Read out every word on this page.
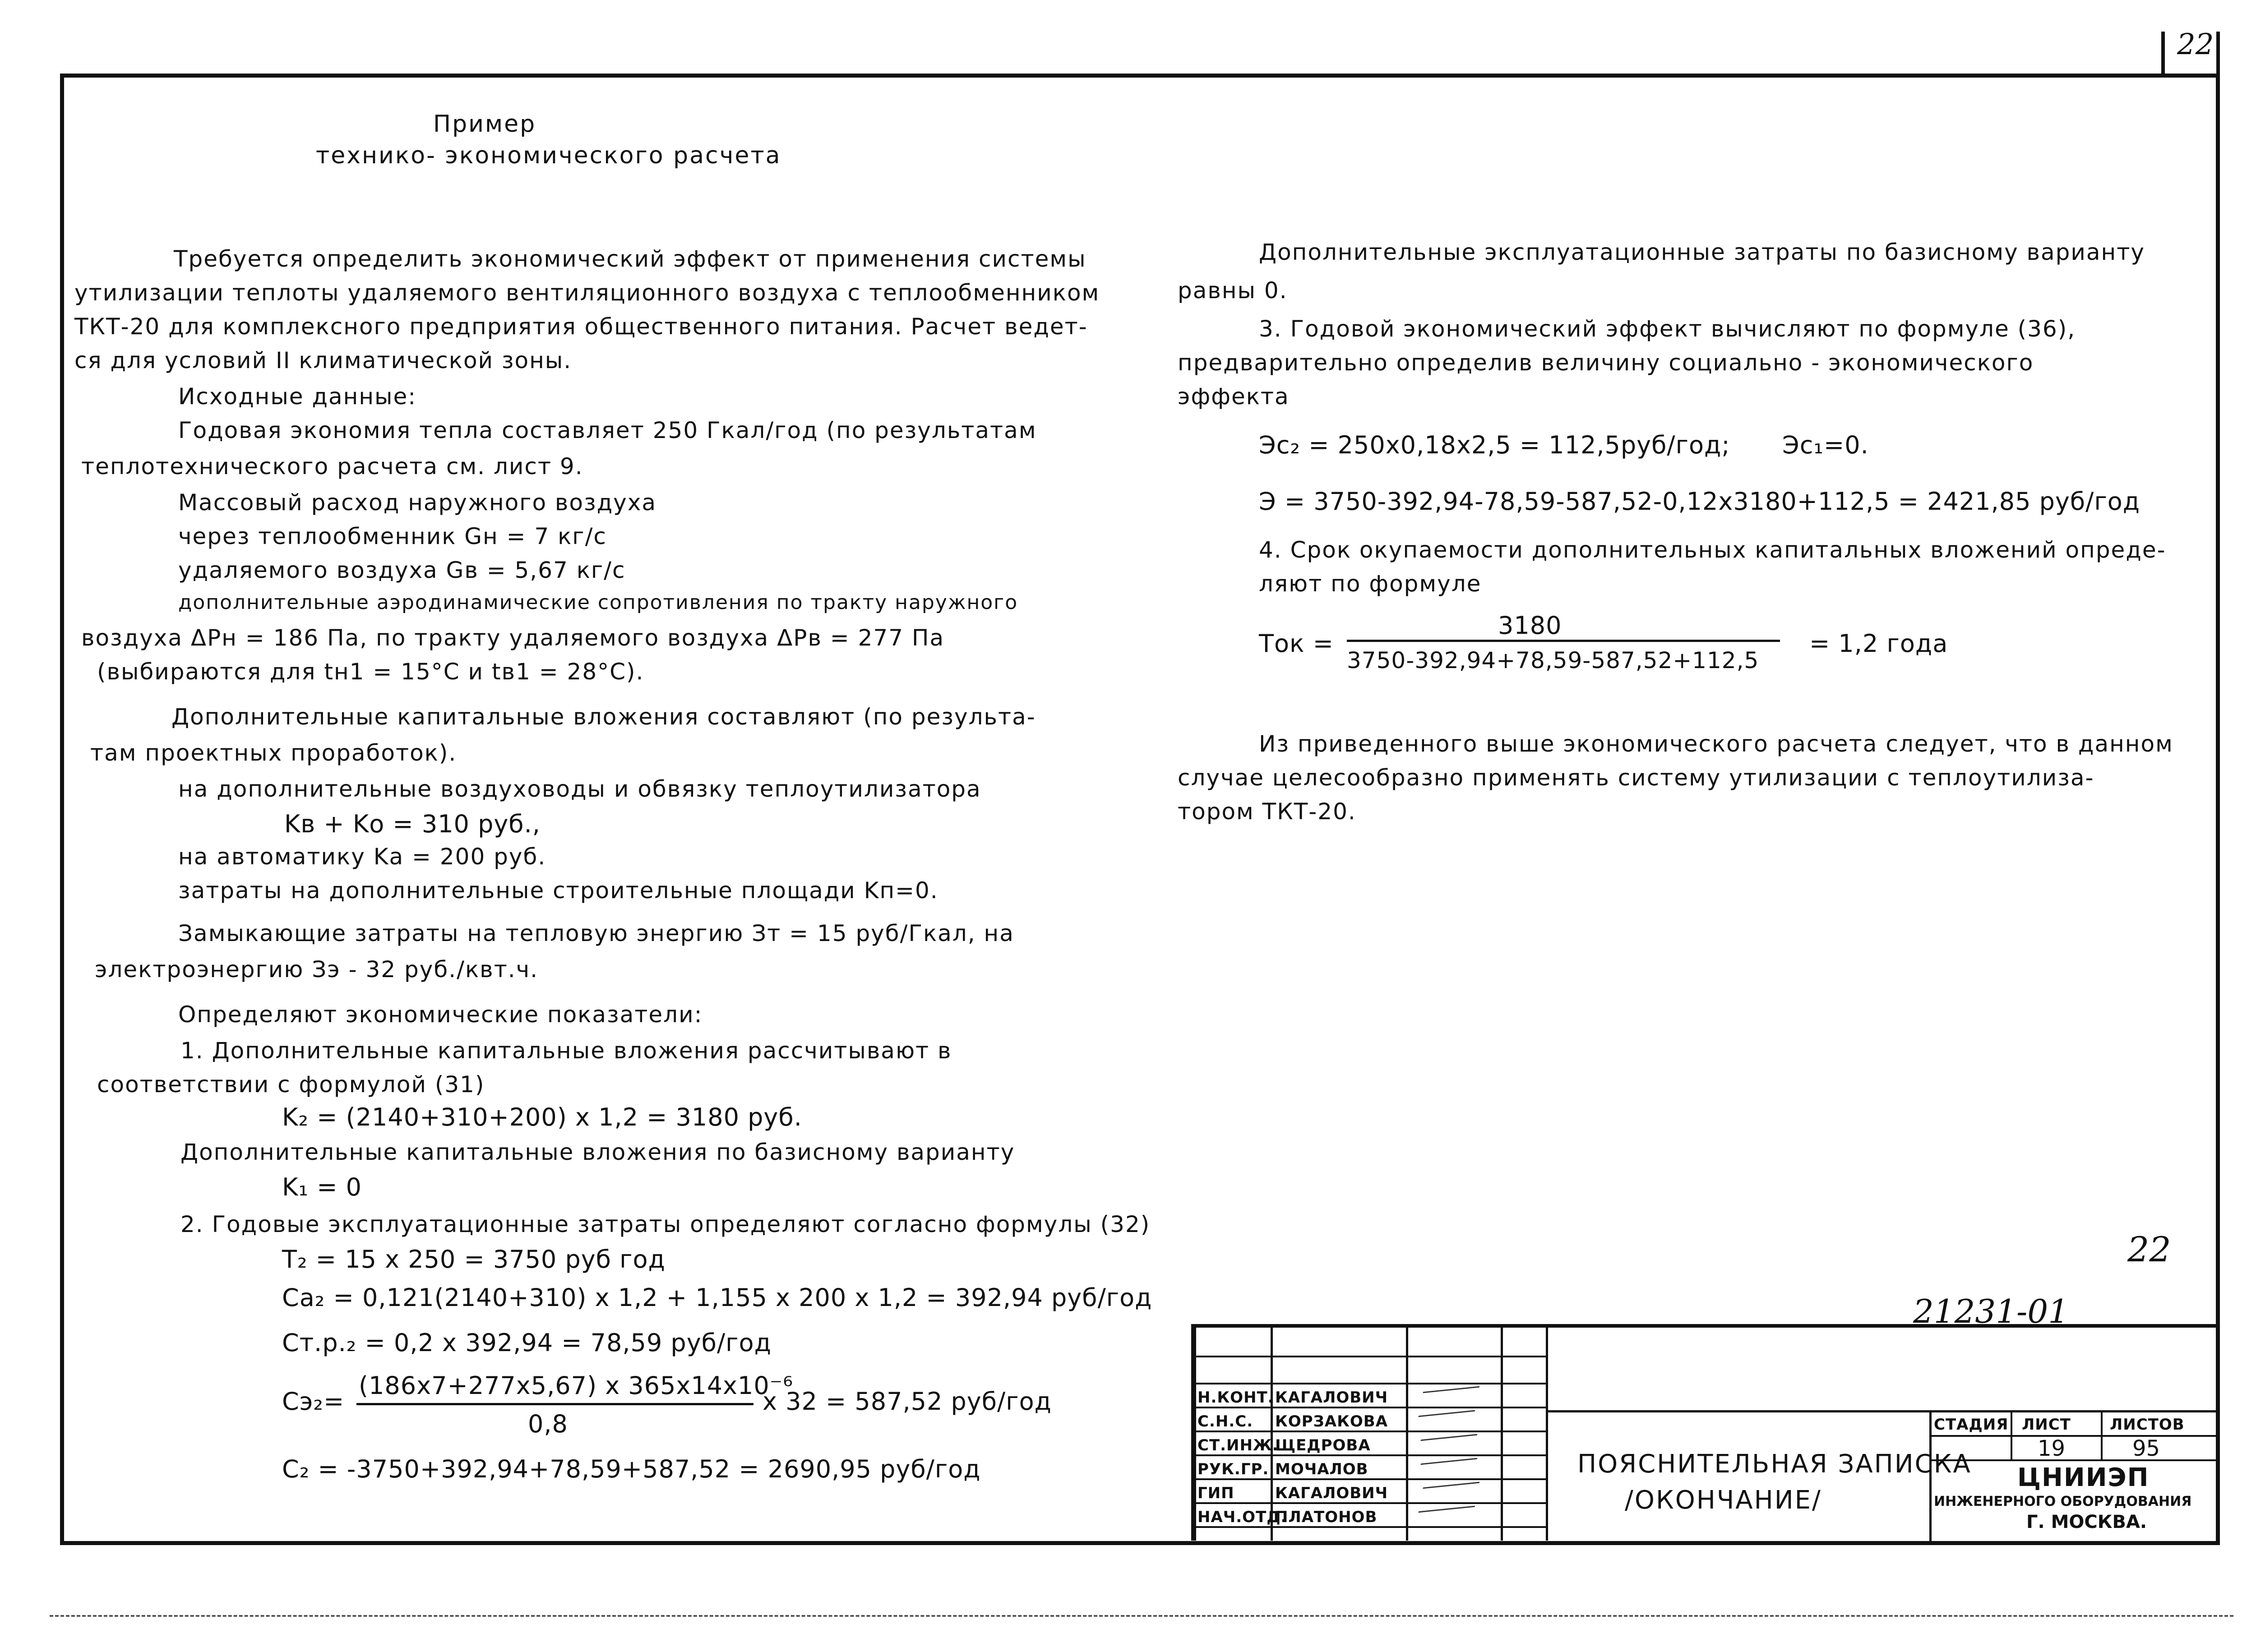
22
Пример
технико- экономического расчета
Требуется определить экономический эффект от применения системы
утилизации теплоты удаляемого вентиляционного воздуха с теплообменником
ТКТ-20 для комплексного предприятия общественного питания. Расчет ведет-
ся для условий II климатической зоны.
Исходные данные:
Годовая экономия тепла составляет 250 Гкал/год (по результатам
теплотехнического расчета см. лист 9.
Массовый расход наружного воздуха
через теплообменник Gн = 7 кг/с
удаляемого воздуха Gв = 5,67 кг/с
дополнительные аэродинамические сопротивления по тракту наружного
воздуха ΔPн = 186 Па, по тракту удаляемого воздуха ΔPв = 277 Па
(выбираются для tн1 = 15°С и tв1 = 28°С).
Дополнительные капитальные вложения составляют (по результа-
там проектных проработок).
на дополнительные воздуховоды и обвязку теплоутилизатора
Kв + Kо = 310 руб.,
на автоматику Kа = 200 руб.
затраты на дополнительные строительные площади Kп=0.
Замыкающие затраты на тепловую энергию Зт = 15 руб/Гкал, на
электроэнергию Зэ - 32 руб./квт.ч.
Определяют экономические показатели:
1. Дополнительные капитальные вложения рассчитывают в
соответствии с формулой (31)
K₂ = (2140+310+200) x 1,2 = 3180 руб.
Дополнительные капитальные вложения по базисному варианту
K₁ = 0
2. Годовые эксплуатационные затраты определяют согласно формулы (32)
T₂ = 15 x 250 = 3750 руб год
Cа₂ = 0,121(2140+310) x 1,2 + 1,155 x 200 x 1,2 = 392,94 руб/год
Ст.р.₂ = 0,2 x 392,94 = 78,59 руб/год
Cэ₂=
(186x7+277x5,67) x 365x14x10⁻⁶
0,8
x 32 = 587,52 руб/год
C₂ = -3750+392,94+78,59+587,52 = 2690,95 руб/год
Дополнительные эксплуатационные затраты по базисному варианту
равны 0.
3. Годовой экономический эффект вычисляют по формуле (36),
предварительно определив величину социально - экономического
эффекта
Эс₂ = 250x0,18x2,5 = 112,5руб/год; Эс₁=0.
Э = 3750-392,94-78,59-587,52-0,12x3180+112,5 = 2421,85 руб/год
4. Срок окупаемости дополнительных капитальных вложений опреде-
ляют по формуле
Tок =
3180
3750-392,94+78,59-587,52+112,5
= 1,2 года
Из приведенного выше экономического расчета следует, что в данном
случае целесообразно применять систему утилизации с теплоутилиза-
тором ТКТ-20.
22
21231-01
Н.КОНТ.
С.Н.С.
СТ.ИНЖ.
РУК.ГР.
ГИП
НАЧ.ОТД.
КАГАЛОВИЧ
КОРЗАКОВА
ЩЕДРОВА
МОЧАЛОВ
КАГАЛОВИЧ
ПЛАТОНОВ
ПОЯСНИТЕЛЬНАЯ ЗАПИСКА
/ОКОНЧАНИЕ/
СТАДИЯ ЛИСТ	ЛИСТОВ
19	95
ЦНИИЭП
ИНЖЕНЕРНОГО ОБОРУДОВАНИЯ
Г. МОСКВА.
